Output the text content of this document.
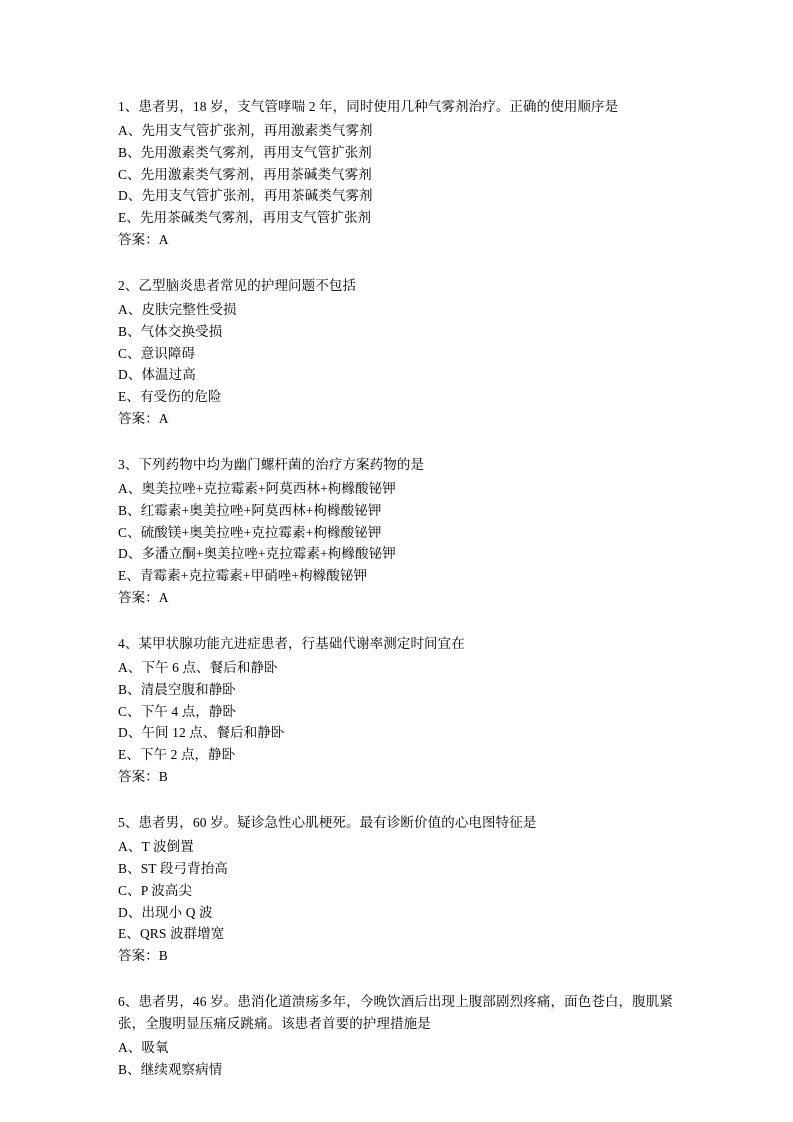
1、患者男，18 岁，支气管哮喘 2 年，同时使用几种气雾剂治疗。正确的使用顺序是

A、先用支气管扩张剂，再用激素类气雾剂

B、先用激素类气雾剂，再用支气管扩张剂

C、先用激素类气雾剂，再用茶碱类气雾剂

D、先用支气管扩张剂，再用茶碱类气雾剂

E、先用茶碱类气雾剂，再用支气管扩张剂

答案：A

2、乙型脑炎患者常见的护理问题不包括

A、皮肤完整性受损

B、气体交换受损

C、意识障碍

D、体温过高

E、有受伤的危险

答案：A

3、下列药物中均为幽门螺杆菌的治疗方案药物的是

A、奥美拉唑+克拉霉素+阿莫西林+枸橼酸铋钾

B、红霉素+奥美拉唑+阿莫西林+枸橼酸铋钾

C、硫酸镁+奥美拉唑+克拉霉素+枸橼酸铋钾

D、多潘立酮+奥美拉唑+克拉霉素+枸橼酸铋钾

E、青霉素+克拉霉素+甲硝唑+枸橼酸铋钾

答案：A

4、某甲状腺功能亢进症患者，行基础代谢率测定时间宜在

A、下午 6 点、餐后和静卧

B、清晨空腹和静卧

C、下午 4 点，静卧

D、午间 12 点、餐后和静卧

E、下午 2 点，静卧

答案：B

5、患者男，60 岁。疑诊急性心肌梗死。最有诊断价值的心电图特征是

A、T 波倒置

B、ST 段弓背抬高

C、P 波高尖

D、出现小 Q 波

E、QRS 波群增宽

答案：B

6、患者男，46 岁。患消化道溃疡多年，今晚饮酒后出现上腹部剧烈疼痛，面色苍白，腹肌紧张，全腹明显压痛反跳痛。该患者首要的护理措施是

A、吸氧

B、继续观察病情
